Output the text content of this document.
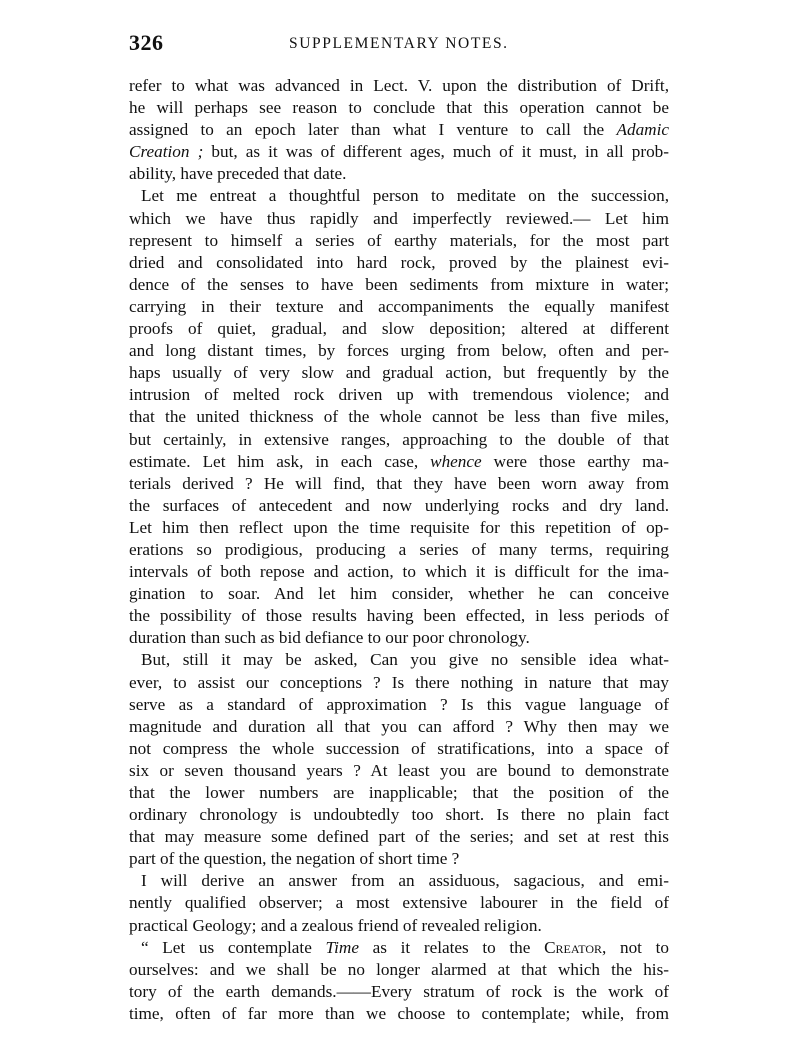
326	SUPPLEMENTARY NOTES.
refer to what was advanced in Lect. V. upon the distribution of Drift,
he will perhaps see reason to conclude that this operation cannot be
assigned to an epoch later than what I venture to call the Adamic
Creation ; but, as it was of different ages, much of it must, in all prob-
ability, have preceded that date.
Let me entreat a thoughtful person to meditate on the succession,
which we have thus rapidly and imperfectly reviewed.— Let him
represent to himself a series of earthy materials, for the most part
dried and consolidated into hard rock, proved by the plainest evi-
dence of the senses to have been sediments from mixture in water;
carrying in their texture and accompaniments the equally manifest
proofs of quiet, gradual, and slow deposition; altered at different
and long distant times, by forces urging from below, often and per-
haps usually of very slow and gradual action, but frequently by the
intrusion of melted rock driven up with tremendous violence; and
that the united thickness of the whole cannot be less than five miles,
but certainly, in extensive ranges, approaching to the double of that
estimate. Let him ask, in each case, whence were those earthy ma-
terials derived ? He will find, that they have been worn away from
the surfaces of antecedent and now underlying rocks and dry land.
Let him then reflect upon the time requisite for this repetition of op-
erations so prodigious, producing a series of many terms, requiring
intervals of both repose and action, to which it is difficult for the ima-
gination to soar. And let him consider, whether he can conceive
the possibility of those results having been effected, in less periods of
duration than such as bid defiance to our poor chronology.
But, still it may be asked, Can you give no sensible idea what-
ever, to assist our conceptions ? Is there nothing in nature that may
serve as a standard of approximation ? Is this vague language of
magnitude and duration all that you can afford ? Why then may we
not compress the whole succession of stratifications, into a space of
six or seven thousand years ? At least you are bound to demonstrate
that the lower numbers are inapplicable; that the position of the
ordinary chronology is undoubtedly too short. Is there no plain fact
that may measure some defined part of the series; and set at rest this
part of the question, the negation of short time ?
I will derive an answer from an assiduous, sagacious, and emi-
nently qualified observer; a most extensive labourer in the field of
practical Geology; and a zealous friend of revealed religion.
“ Let us contemplate Time as it relates to the Creator, not to
ourselves: and we shall be no longer alarmed at that which the his-
tory of the earth demands.——Every stratum of rock is the work of
time, often of far more than we choose to contemplate; while, from
